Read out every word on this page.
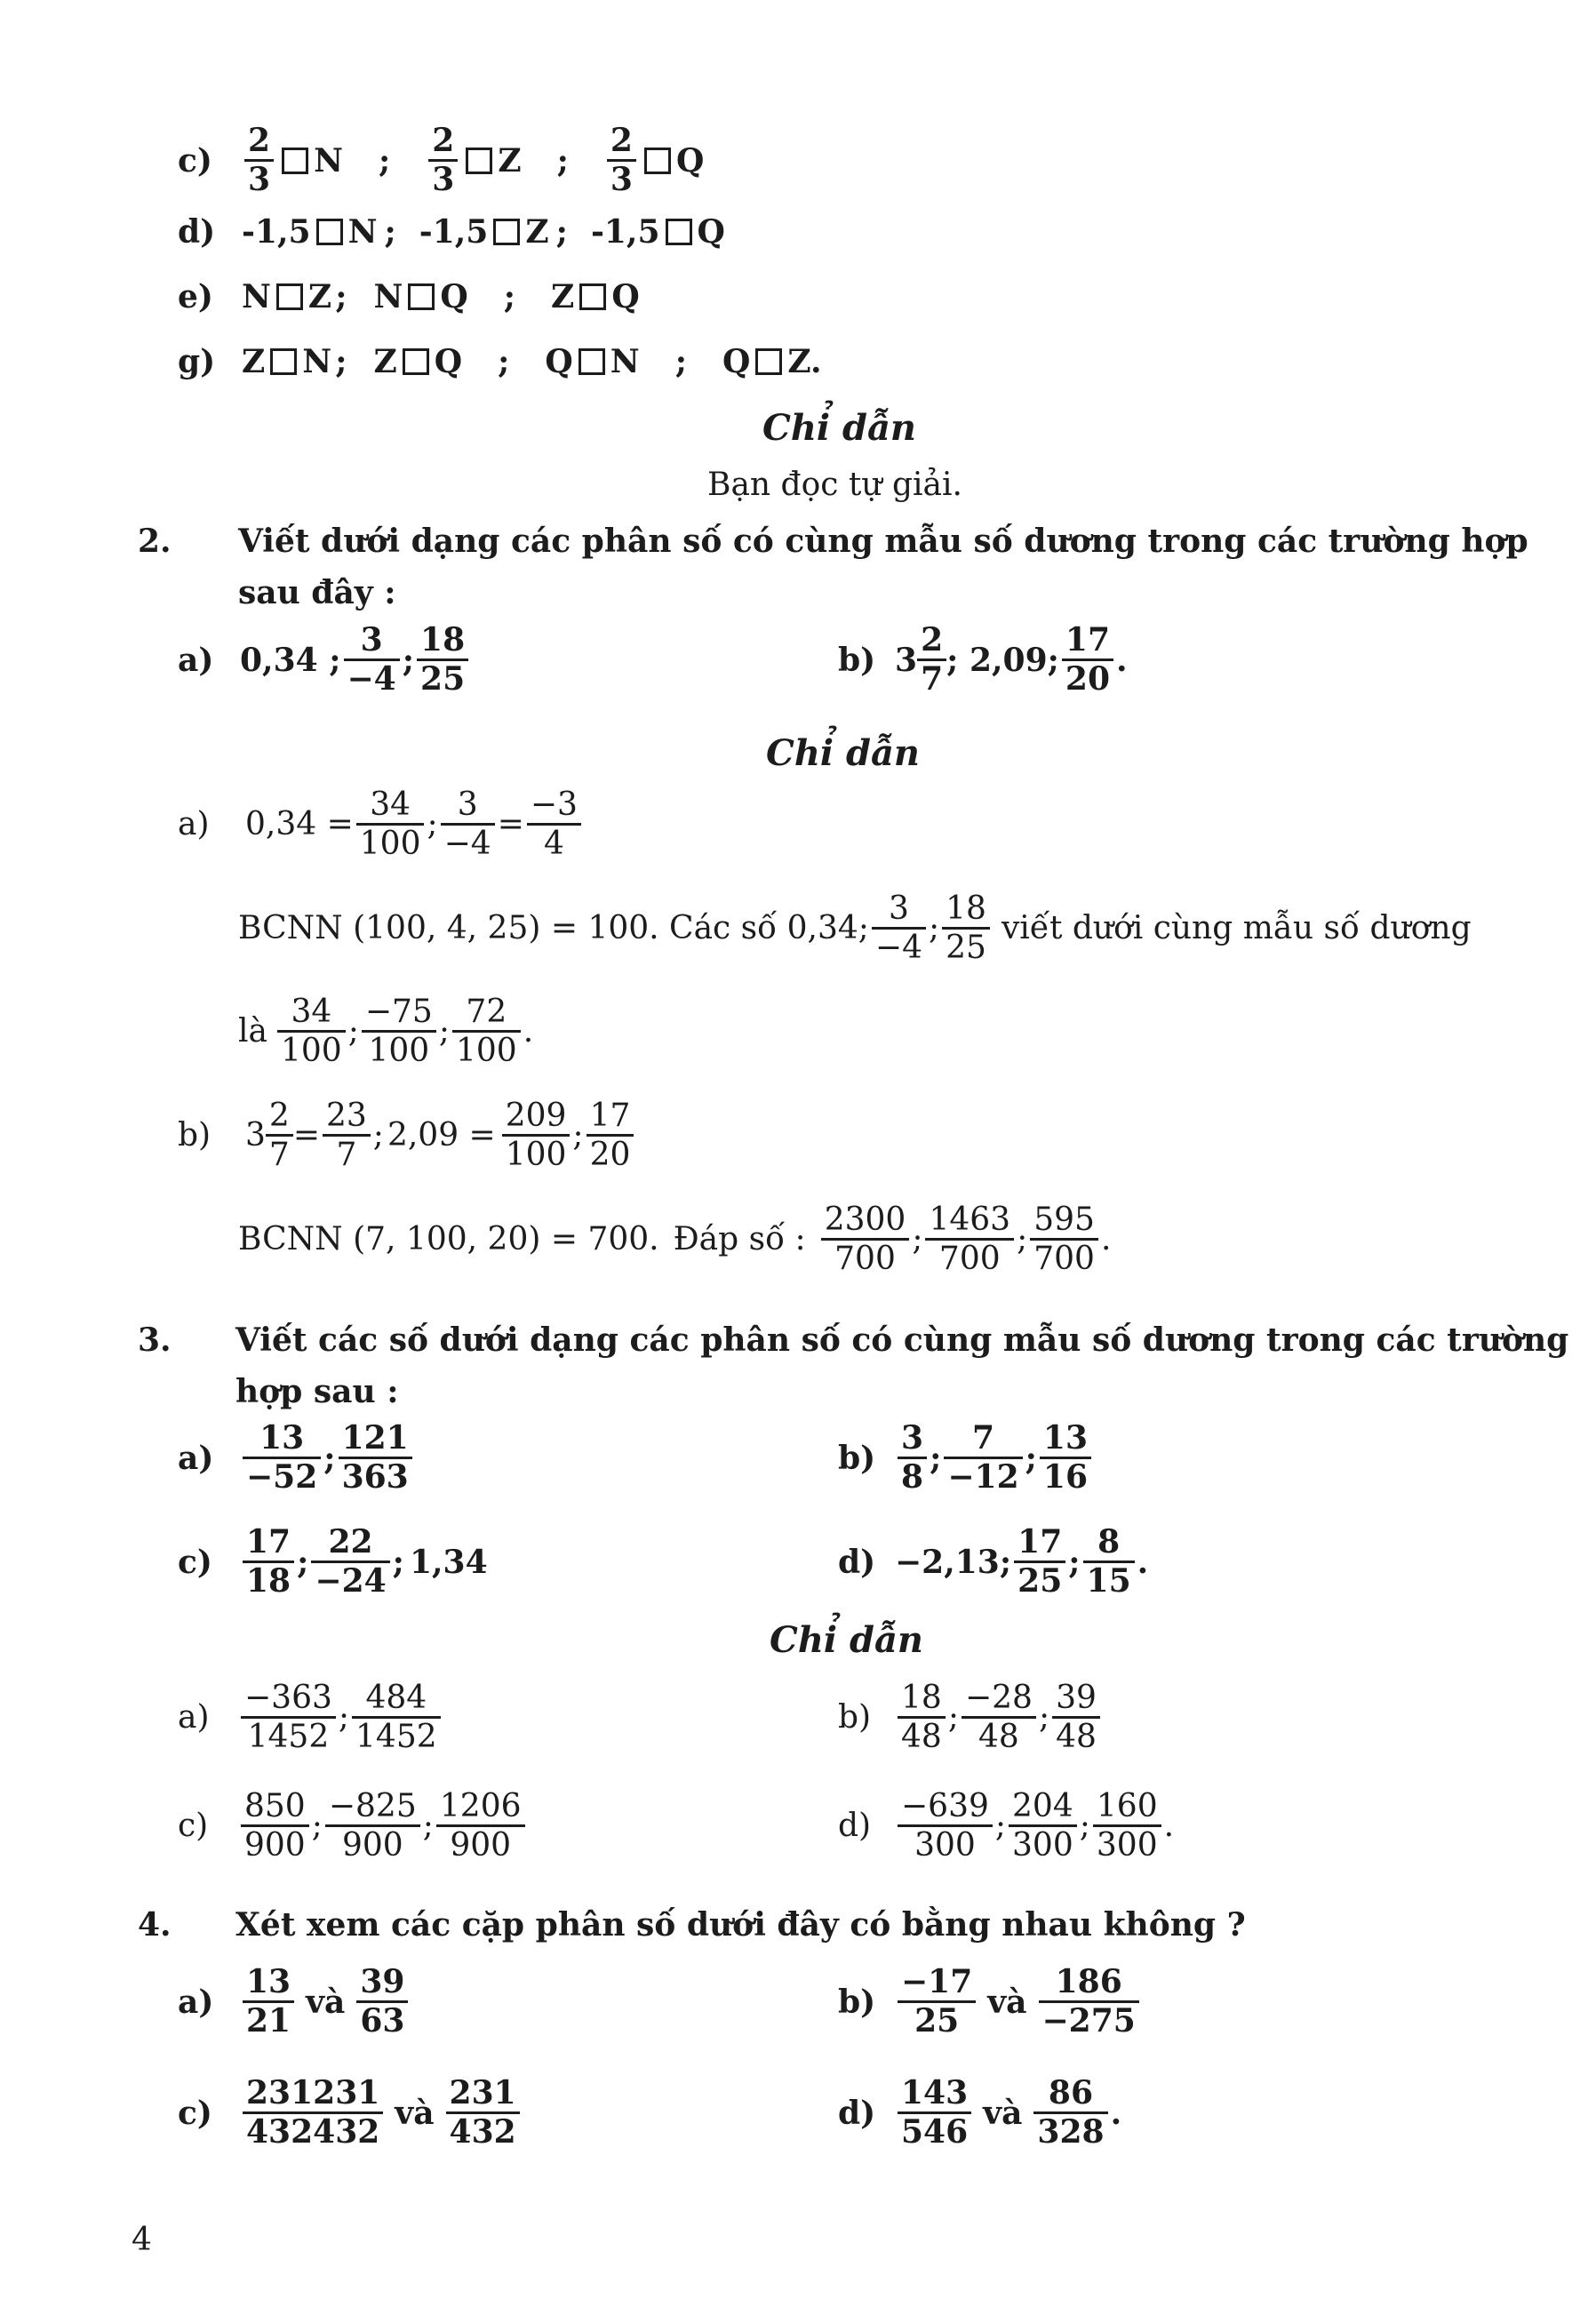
c)	$\frac{2}{3}$ N ; $\frac{2}{3}$ Z ; $\frac{2}{3}$ Q
d) -1,5 N ; -1,5 Z ; -1,5 Q
e) N Z ; N Q ; Z Q
g) Z N ; Z Q ; Q N ; Q Z.
Chỉ dẫn
Bạn đọc tự giải.
2. Viết dưới dạng các phân số có cùng mẫu số dương trong các trường hợp
sau đây :
a) 0,34 ; $\frac{3}{-4}$ ; $\frac{18}{25}$	b) $3 \frac{2}{7}$ ; 2,09; $\frac{17}{20}$ .
Chỉ dẫn
a)	$0,34 = \frac{34}{100}$ ; $\frac{3}{-4} = \frac{-3}{4}$
BCNN (100, 4, 25) = 100. Các số 0,34; $\frac{3}{-4}$ ; $\frac{18}{25}$ viết dưới cùng mẫu số dương
là $\frac{34}{100}$ ; $\frac{-75}{100}$ ; $\frac{72}{100}$ .
b)	$3 \frac{2}{7} = \frac{23}{7}$ ; $2,09 = \frac{209}{100}$ ; $\frac{17}{20}$
BCNN (7, 100, 20) = 700. Đáp số : $\frac{2300}{700}$ ; $\frac{1463}{700}$ ; $\frac{595}{700}$ .
3. Viết các số dưới dạng các phân số có cùng mẫu số dương trong các trường
hợp sau :
$a) \frac{13}{-52}$ ; $\frac{121}{363}$	$b) \frac{3}{8}$ ; $\frac{7}{-12}$ ; $\frac{13}{16}$
$c) \frac{17}{18}$ ; $\frac{22}{-24}$ ; 1,34	d) −2,13; $\frac{17}{25}$ ; $\frac{8}{15}$ .
Chỉ dẫn
$a) \frac{-363}{1452}$ ; $\frac{484}{1452}$	$b) \frac{18}{48}$ ; $\frac{-28}{48}$ ; $\frac{39}{48}$
c)	$\frac{850}{900}$ ; $\frac{-825}{900}$ ; $\frac{1206}{900}$	$d) \frac{-639}{300}$ ; $\frac{204}{300}$ ; $\frac{160}{300}$ .
4. Xét xem các cặp phân số dưới đây có bằng nhau không ?
$a) \frac{13}{21}$ và $\frac{39}{63}$	$b) \frac{-17}{25}$ và $\frac{186}{-275}$
$c) \frac{231231}{432432}$ và $\frac{231}{432}$	$d) \frac{143}{546}$ và $\frac{86}{328}$ .
4
